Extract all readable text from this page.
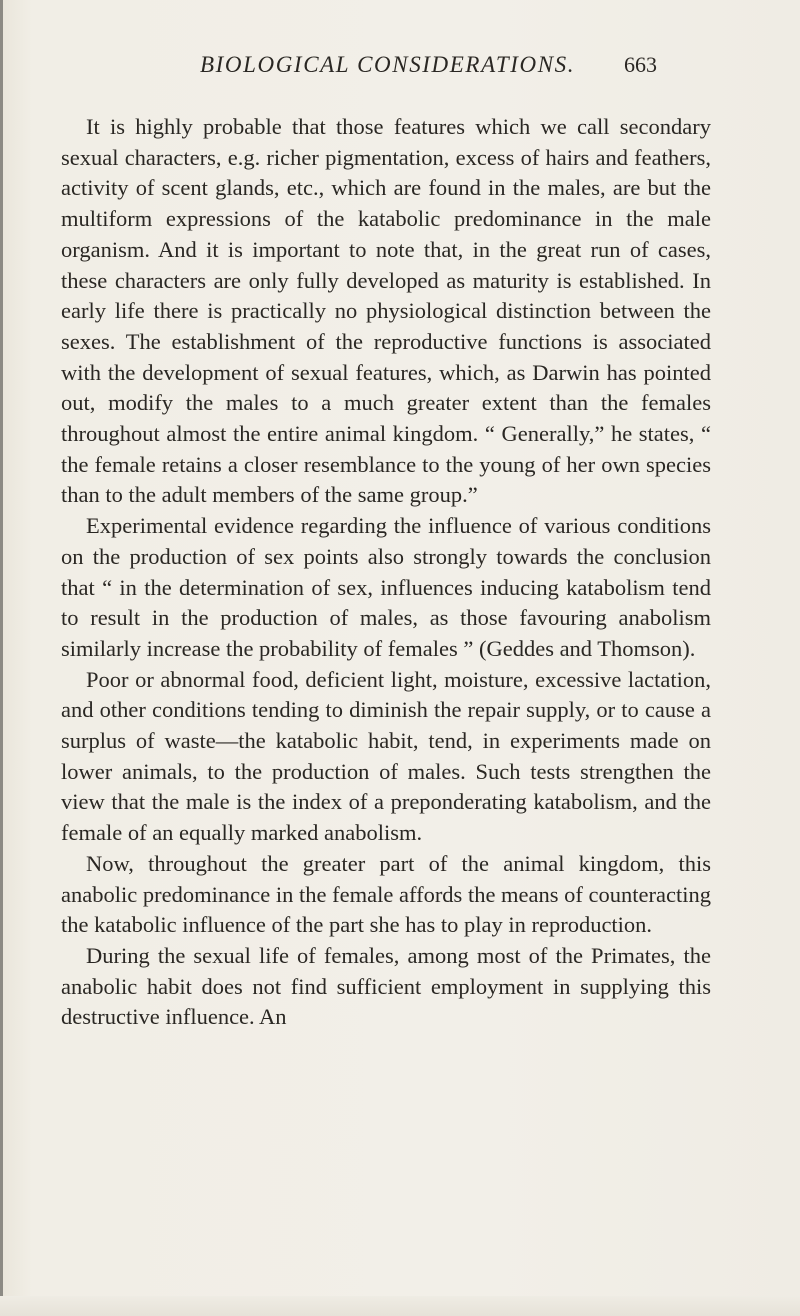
BIOLOGICAL CONSIDERATIONS. 663

It is highly probable that those features which we call secondary sexual characters, e.g. richer pigmentation, excess of hairs and feathers, activity of scent glands, etc., which are found in the males, are but the multiform expressions of the katabolic predominance in the male organism. And it is important to note that, in the great run of cases, these characters are only fully developed as maturity is established. In early life there is practically no physiological distinction between the sexes. The establishment of the reproductive functions is associated with the development of sexual features, which, as Darwin has pointed out, modify the males to a much greater extent than the females throughout almost the entire animal kingdom. “ Generally,” he states, “ the female retains a closer resemblance to the young of her own species than to the adult members of the same group.”

Experimental evidence regarding the influence of various conditions on the production of sex points also strongly towards the conclusion that “ in the determination of sex, influences inducing katabolism tend to result in the production of males, as those favouring anabolism similarly increase the probability of females ” (Geddes and Thomson).

Poor or abnormal food, deficient light, moisture, excessive lactation, and other conditions tending to diminish the repair supply, or to cause a surplus of waste—the katabolic habit, tend, in experiments made on lower animals, to the production of males. Such tests strengthen the view that the male is the index of a preponderating katabolism, and the female of an equally marked anabolism.

Now, throughout the greater part of the animal kingdom, this anabolic predominance in the female affords the means of counteracting the katabolic influence of the part she has to play in reproduction.

During the sexual life of females, among most of the Primates, the anabolic habit does not find sufficient employment in supplying this destructive influence. An
